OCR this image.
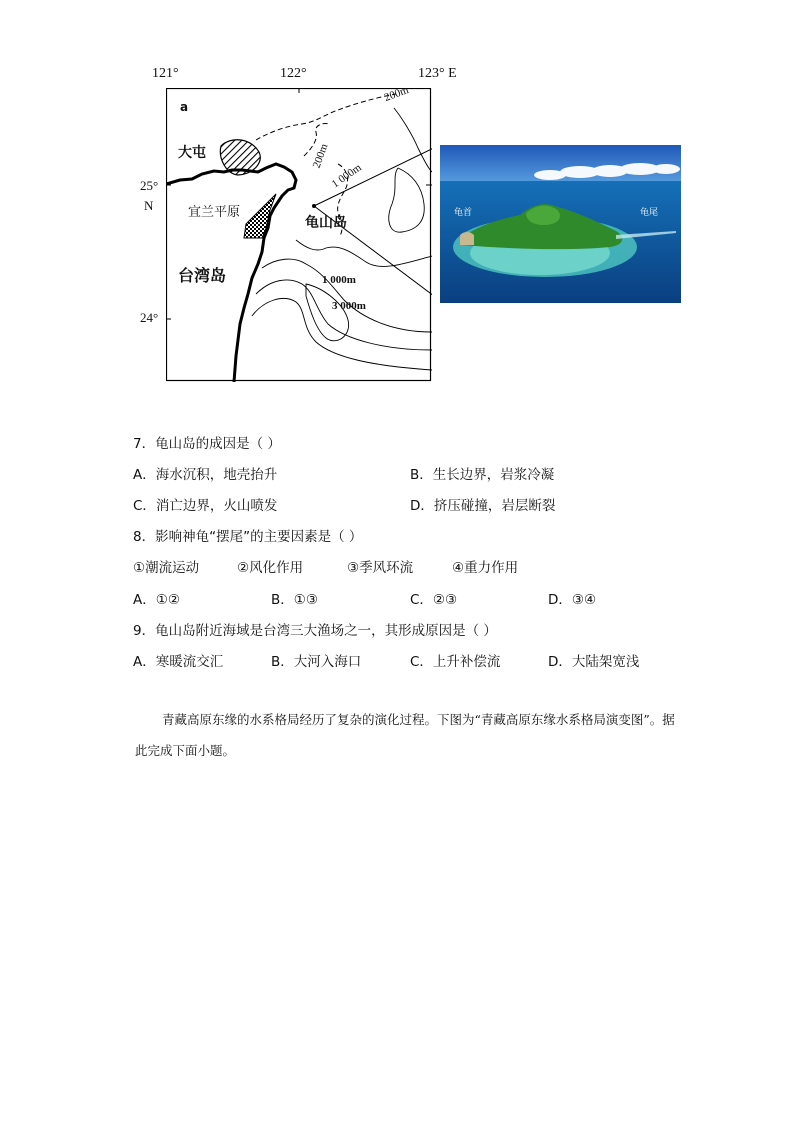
121°	122°	123° E
25°
N
24°
a
大屯
宜兰平原
龟山岛
台湾岛
200m
200m
1 000m
1 000m
3 000m
龟首	龟尾
7．龟山岛的成因是（ ）
A．海水沉积，地壳抬升	B．生长边界，岩浆冷凝
C．消亡边界，火山喷发	D．挤压碰撞，岩层断裂
8．影响神龟“摆尾”的主要因素是（ ）
①潮流运动	②风化作用	③季风环流	④重力作用
A．①②	B．①③	C．②③	D．③④
9．龟山岛附近海域是台湾三大渔场之一，其形成原因是（ ）
A．寒暖流交汇	B．大河入海口	C．上升补偿流	D．大陆架宽浅
青藏高原东缘的水系格局经历了复杂的演化过程。下图为“青藏高原东缘水系格局演变图”。据此完成下面小题。
